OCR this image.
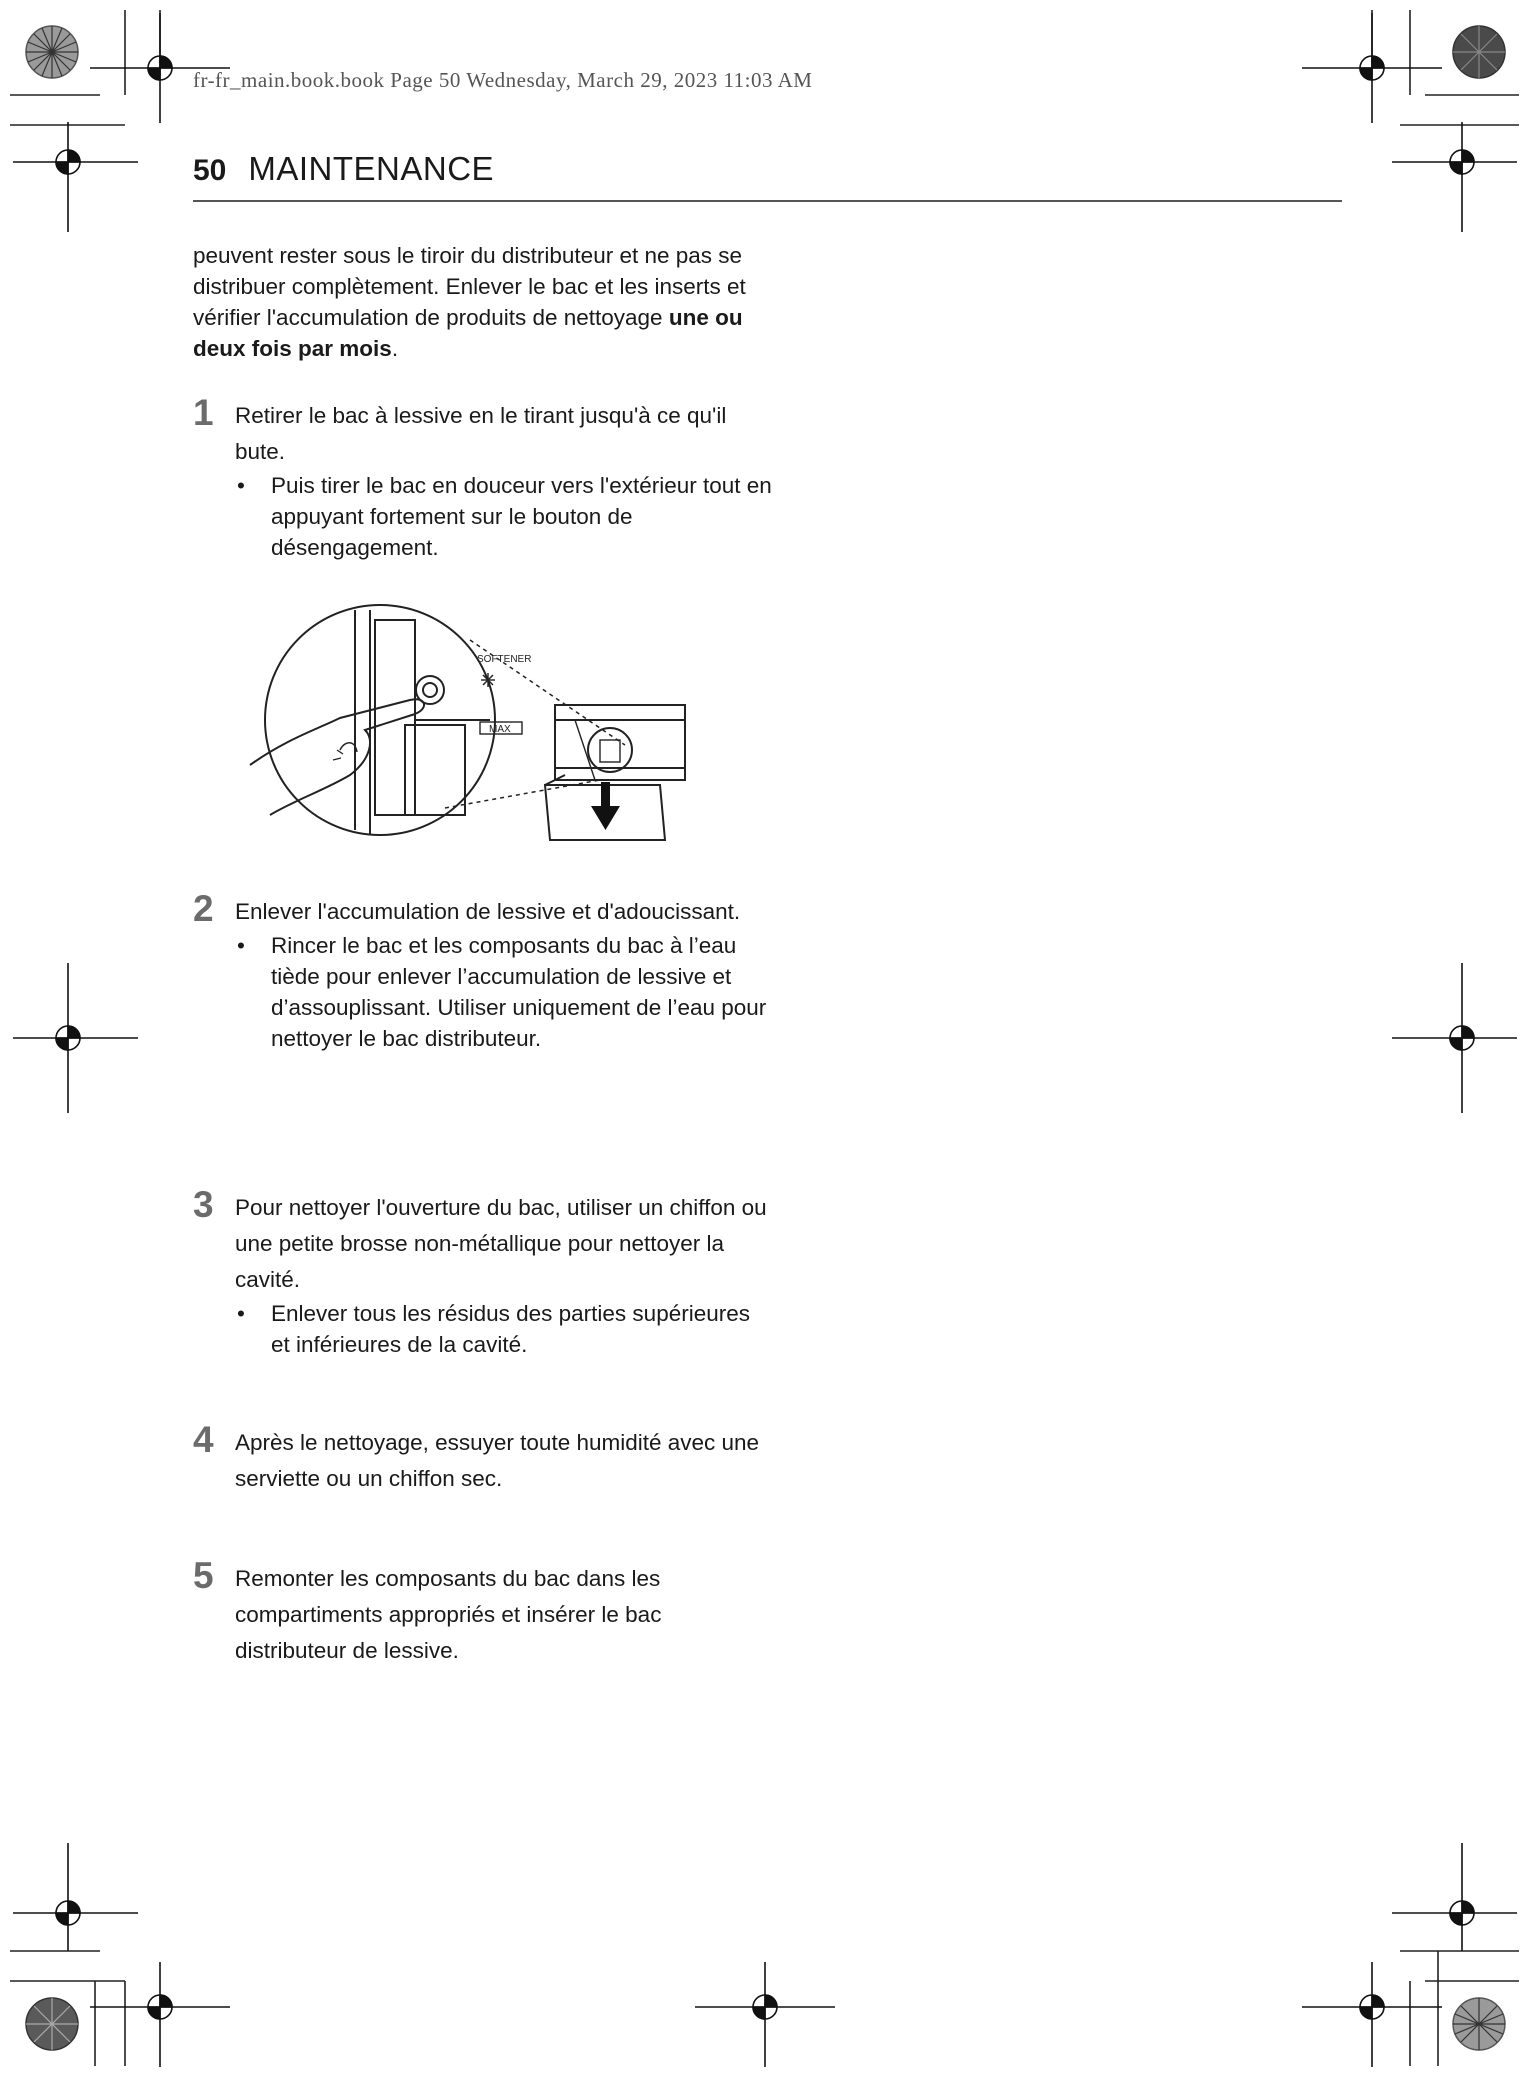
fr-fr_main.book.book Page 50 Wednesday, March 29, 2023 11:03 AM
50 MAINTENANCE
peuvent rester sous le tiroir du distributeur et ne pas se distribuer complètement. Enlever le bac et les inserts et vérifier l'accumulation de produits de nettoyage une ou deux fois par mois.
1 Retirer le bac à lessive en le tirant jusqu'à ce qu'il bute.
• Puis tirer le bac en douceur vers l'extérieur tout en appuyant fortement sur le bouton de désengagement.
SOFTENER
MAX
2 Enlever l'accumulation de lessive et d'adoucissant.
• Rincer le bac et les composants du bac à l’eau tiède pour enlever l’accumulation de lessive et d’assouplissant. Utiliser uniquement de l’eau pour nettoyer le bac distributeur.
3 Pour nettoyer l'ouverture du bac, utiliser un chiffon ou une petite brosse non-métallique pour nettoyer la cavité.
• Enlever tous les résidus des parties supérieures et inférieures de la cavité.
4 Après le nettoyage, essuyer toute humidité avec une serviette ou un chiffon sec.
5 Remonter les composants du bac dans les compartiments appropriés et insérer le bac distributeur de lessive.
